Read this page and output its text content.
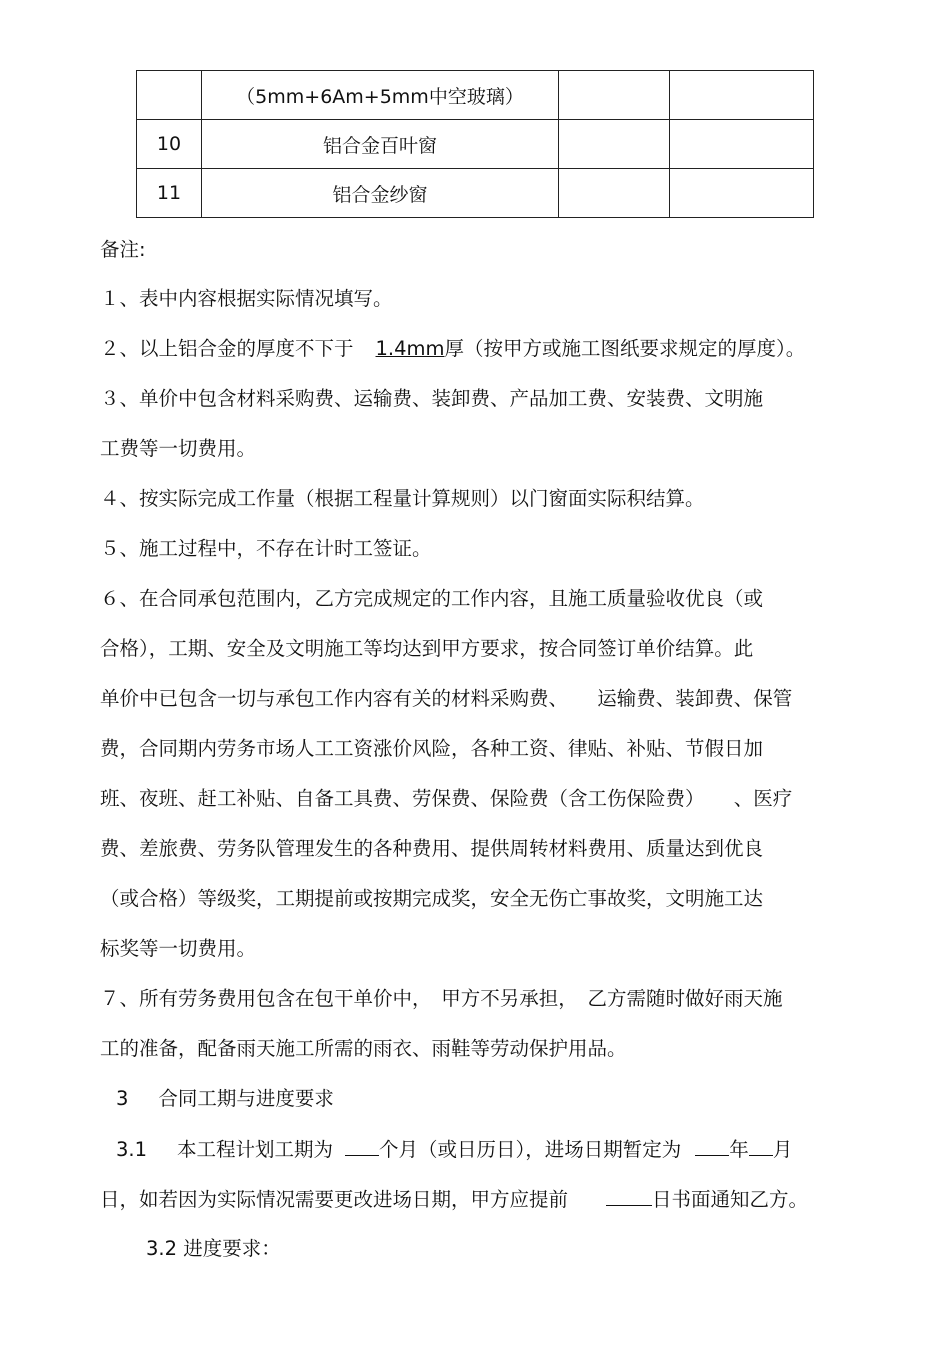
	（5mm+6Am+5mm中空玻璃）		
10	铝合金百叶窗		
11	铝合金纱窗		
备注:
１、表中内容根据实际情况填写。
２、以上铝合金的厚度不下于 1.4mm厚（按甲方或施工图纸要求规定的厚度）。
３、单价中包含材料采购费、运输费、装卸费、产品加工费、安装费、文明施
工费等一切费用。
４、按实际完成工作量（根据工程量计算规则）以门窗面实际积结算。
５、施工过程中，不存在计时工签证。
６、在合同承包范围内，乙方完成规定的工作内容，且施工质量验收优良（或
合格），工期、安全及文明施工等均达到甲方要求，按合同签订单价结算。此
单价中已包含一切与承包工作内容有关的材料采购费、　　运输费、装卸费、保管
费，合同期内劳务市场人工工资涨价风险，各种工资、律贴、补贴、节假日加
班、夜班、赶工补贴、自备工具费、劳保费、保险费（含工伤保险费）　　、医疗
费、差旅费、劳务队管理发生的各种费用、提供周转材料费用、质量达到优良
（或合格）等级奖，工期提前或按期完成奖，安全无伤亡事故奖，文明施工达
标奖等一切费用。
７、所有劳务费用包含在包干单价中，　甲方不另承担，　乙方需随时做好雨天施
工的准备，配备雨天施工所需的雨衣、雨鞋等劳动保护用品。
3 合同工期与进度要求
3.1 本工程计划工期为 个月（或日历日），进场日期暂定为 年 月
日，如若因为实际情况需要更改进场日期，甲方应提前	日书面通知乙方。
3.2 进度要求：
